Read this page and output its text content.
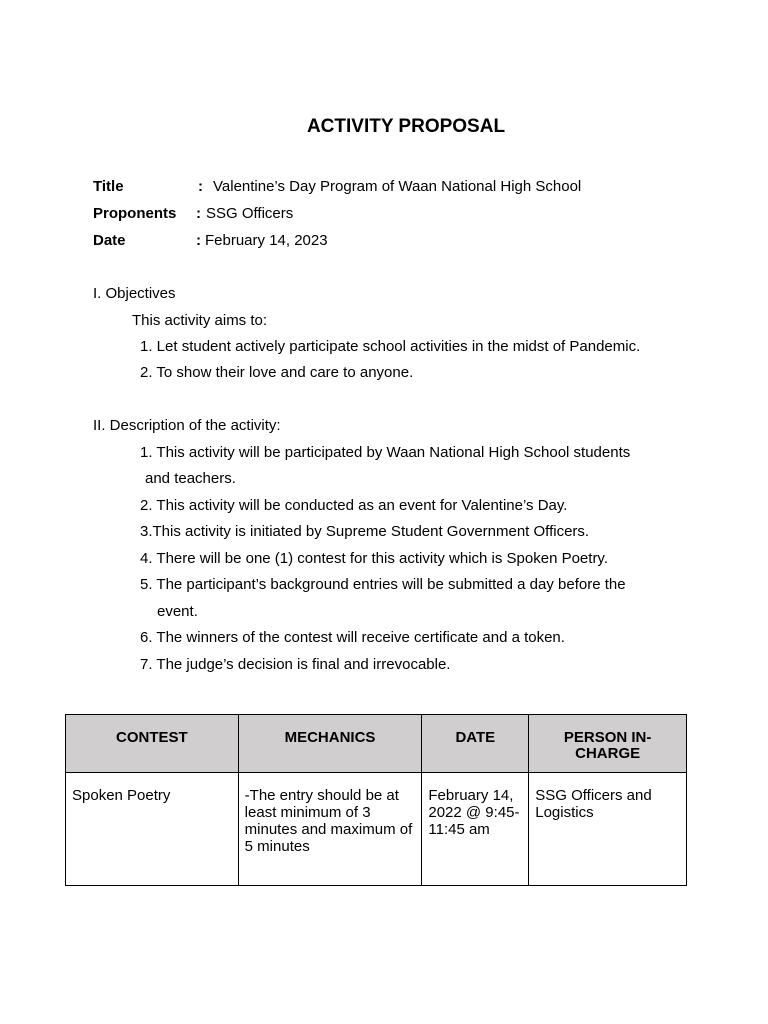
ACTIVITY PROPOSAL
Title	: Valentine’s Day Program of Waan National High School
Proponents : SSG Officers
Date	: February 14, 2023
I. Objectives
This activity aims to:
1. Let student actively participate school activities in the midst of Pandemic.
2. To show their love and care to anyone.
II. Description of the activity:
1. This activity will be participated by Waan National High School students
and teachers.
2. This activity will be conducted as an event for Valentine’s Day.
3.This activity is initiated by Supreme Student Government Officers.
4. There will be one (1) contest for this activity which is Spoken Poetry.
5. The participant’s background entries will be submitted a day before the
event.
6. The winners of the contest will receive certificate and a token.
7. The judge’s decision is final and irrevocable.
CONTEST	MECHANICS	DATE	PERSON IN-CHARGE
Spoken Poetry	-The entry should be at least minimum of 3 minutes and maximum of 5 minutes	February 14, 2022 @ 9:45-11:45 am	SSG Officers and Logistics
